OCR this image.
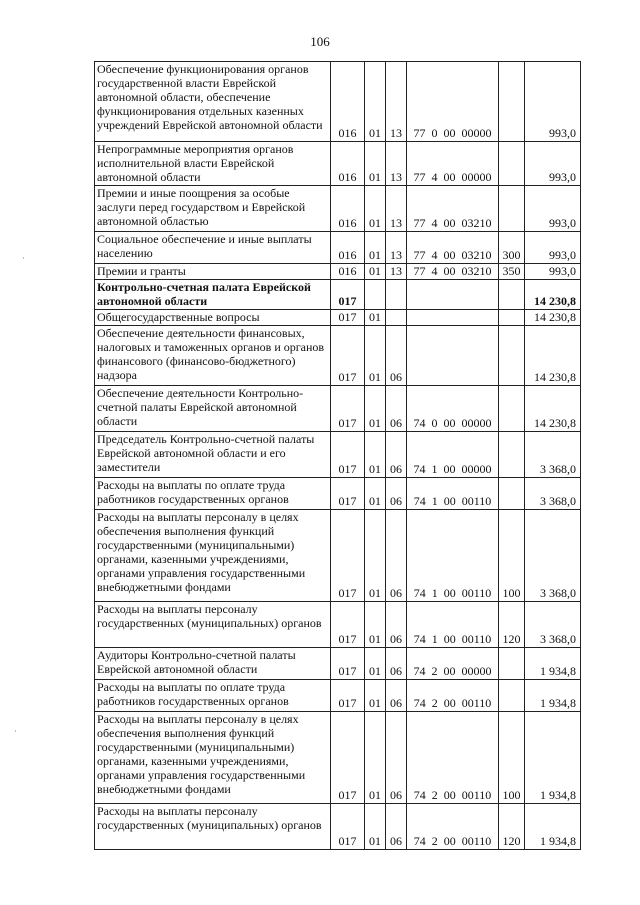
106
·
·
Обеспечение функционирования органов государственной власти Еврейской автономной области, обеспечение функционирования отдельных казенных учреждений Еврейской автономной области	016	01	13	77 0 00 00000		993,0
Непрограммные мероприятия органов исполнительной власти Еврейской автономной области	016	01	13	77 4 00 00000		993,0
Премии и иные поощрения за особые заслуги перед государством и Еврейской автономной областью	016	01	13	77 4 00 03210		993,0
Социальное обеспечение и иные выплаты населению	016	01	13	77 4 00 03210	300	993,0
Премии и гранты	016	01	13	77 4 00 03210	350	993,0
Контрольно-счетная палата Еврейской автономной области	017					14 230,8
Общегосударственные вопросы	017	01				14 230,8
Обеспечение деятельности финансовых, налоговых и таможенных органов и органов финансового (финансово-бюджетного) надзора	017	01	06			14 230,8
Обеспечение деятельности Контрольно-счетной палаты Еврейской автономной области	017	01	06	74 0 00 00000		14 230,8
Председатель Контрольно-счетной палаты Еврейской автономной области и его заместители	017	01	06	74 1 00 00000		3 368,0
Расходы на выплаты по оплате труда работников государственных органов	017	01	06	74 1 00 00110		3 368,0
Расходы на выплаты персоналу в целях обеспечения выполнения функций государственными (муниципальными) органами, казенными учреждениями, органами управления государственными внебюджетными фондами	017	01	06	74 1 00 00110	100	3 368,0
Расходы на выплаты персоналу государственных (муниципальных) органов	017	01	06	74 1 00 00110	120	3 368,0
Аудиторы Контрольно-счетной палаты Еврейской автономной области	017	01	06	74 2 00 00000		1 934,8
Расходы на выплаты по оплате труда работников государственных органов	017	01	06	74 2 00 00110		1 934,8
Расходы на выплаты персоналу в целях обеспечения выполнения функций государственными (муниципальными) органами, казенными учреждениями, органами управления государственными внебюджетными фондами	017	01	06	74 2 00 00110	100	1 934,8
Расходы на выплаты персоналу государственных (муниципальных) органов	017	01	06	74 2 00 00110	120	1 934,8
